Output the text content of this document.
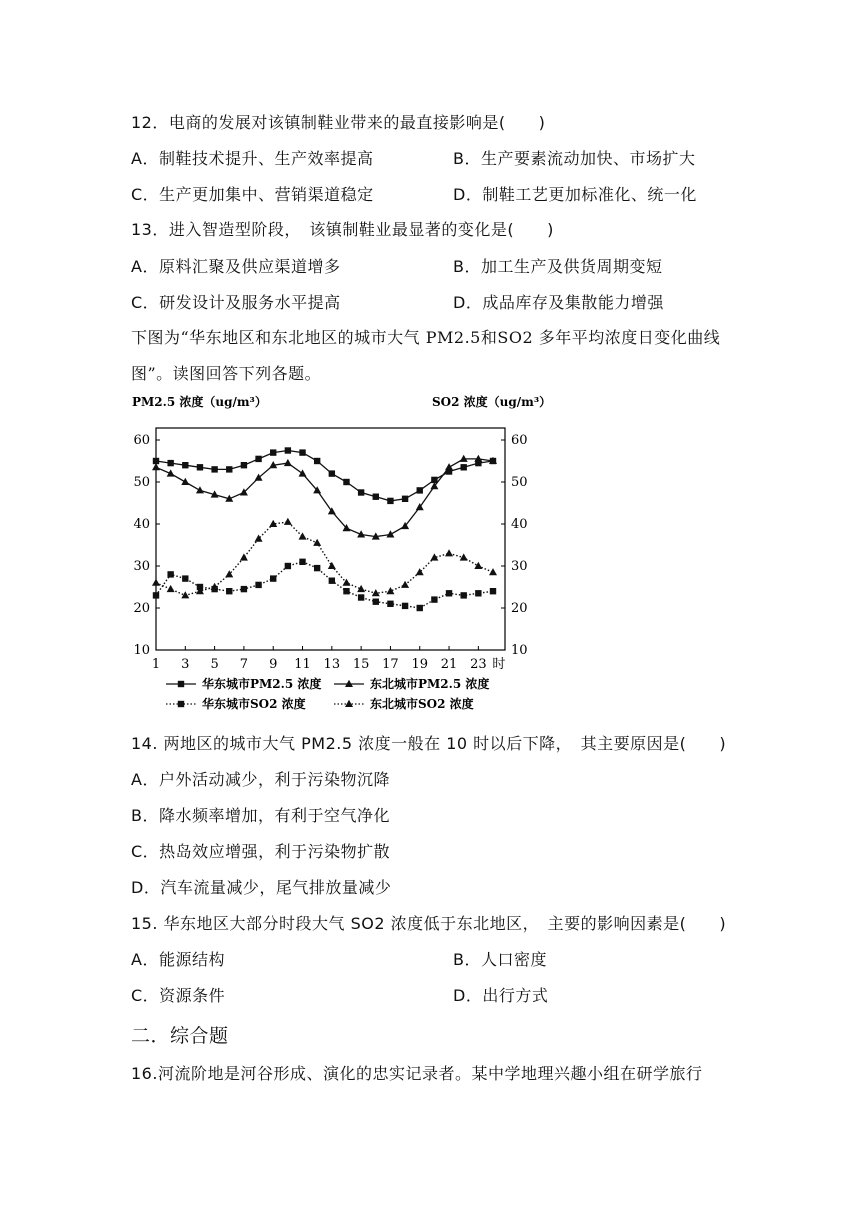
12．电商的发展对该镇制鞋业带来的最直接影响是(　　)
A．制鞋技术提升、生产效率提高	B．生产要素流动加快、市场扩大
C．生产更加集中、营销渠道稳定	D．制鞋工艺更加标准化、统一化
13．进入智造型阶段，　该镇制鞋业最显著的变化是(　　)
A．原料汇聚及供应渠道增多	B．加工生产及供货周期变短
C．研发设计及服务水平提高	D．成品库存及集散能力增强
下图为“华东地区和东北地区的城市大气 PM2.5和SO2 多年平均浓度日变化曲线
图”。读图回答下列各题。
PM2.5 浓度（ug/m³）	SO2 浓度（ug/m³）
10	10
20	20
30	30
40	40
50	50
60	60
1 3 5 7 9 11 13 15 17 19 21 23 时
华东城市PM2.5 浓度	东北城市PM2.5 浓度
华东城市SO2 浓度	东北城市SO2 浓度
14. 两地区的城市大气 PM2.5 浓度一般在 10 时以后下降，　其主要原因是(　　)
A．户外活动减少，利于污染物沉降
B．降水频率增加，有利于空气净化
C．热岛效应增强，利于污染物扩散
D．汽车流量减少，尾气排放量减少
15. 华东地区大部分时段大气 SO2 浓度低于东北地区，　主要的影响因素是(　　)
A．能源结构	B．人口密度
C．资源条件	D．出行方式
二．综合题
16.河流阶地是河谷形成、演化的忠实记录者。某中学地理兴趣小组在研学旅行
